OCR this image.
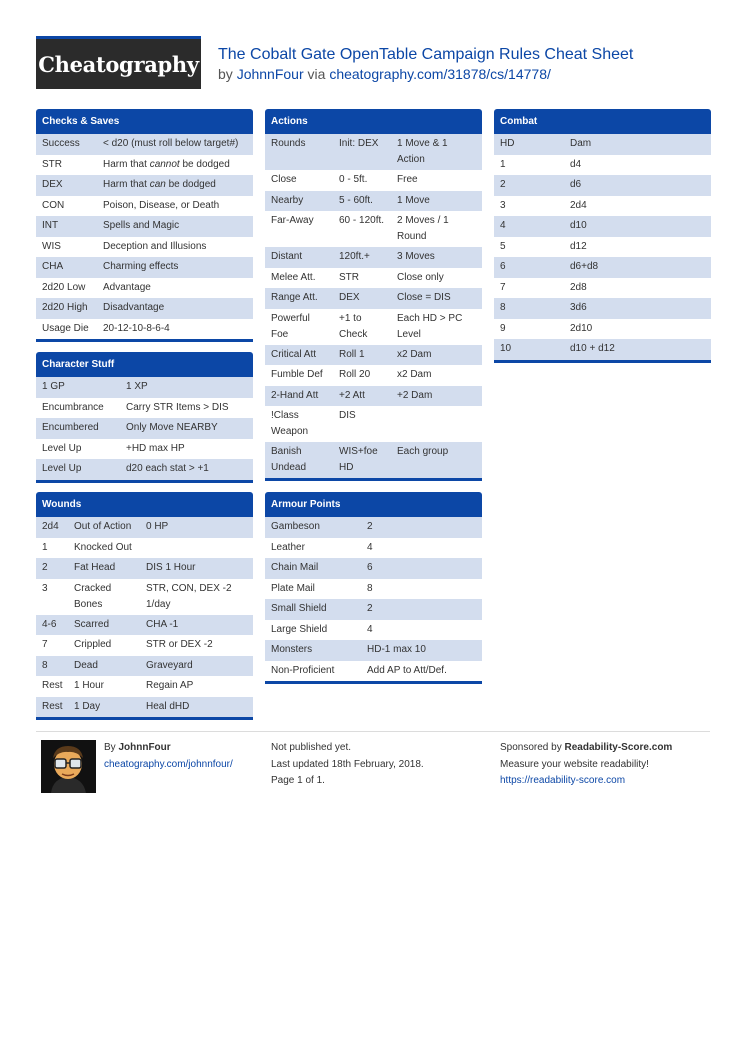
Cheatography The Cobalt Gate OpenTable Campaign Rules Cheat Sheet
by JohnnFour via cheatography.com/31878/cs/14778/
Checks & Saves
Success	< d20 (must roll below target#)
STR	Harm that cannot be dodged
DEX	Harm that can be dodged
CON	Poison, Disease, or Death
INT	Spells and Magic
WIS	Deception and Illusions
CHA	Charming effects
2d20 Low	Advantage
2d20 High	Disadvantage
Usage Die	20-12-10-8-6-4
Character Stuff
1 GP	1 XP
Encumbrance	Carry STR Items > DIS
Encumbered	Only Move NEARBY
Level Up	+HD max HP
Level Up	d20 each stat > +1
Wounds
2d4	Out of Action	0 HP
1	Knocked Out	
2	Fat Head	DIS 1 Hour
3	Cracked Bones	STR, CON, DEX -2 1/day
4-6	Scarred	CHA -1
7	Crippled	STR or DEX -2
8	Dead	Graveyard
Rest	1 Hour	Regain AP
Rest	1 Day	Heal dHD
Actions
Rounds	Init: DEX	1 Move & 1 Action
Close	0 - 5ft.	Free
Nearby	5 - 60ft.	1 Move
Far-Away	60 - 120ft.	2 Moves / 1 Round
Distant	120ft.+	3 Moves
Melee Att.	STR	Close only
Range Att.	DEX	Close = DIS
Powerful Foe	+1 to Check	Each HD > PC Level
Critical Att	Roll 1	x2 Dam
Fumble Def	Roll 20	x2 Dam
2-Hand Att	+2 Att	+2 Dam
!Class Weapon	DIS	
Banish Undead	WIS+foe HD	Each group
Armour Points
Gambeson	2
Leather	4
Chain Mail	6
Plate Mail	8
Small Shield	2
Large Shield	4
Monsters	HD-1 max 10
Non-Proficient	Add AP to Att/Def.
Combat
HD	Dam
1	d4
2	d6
3	2d4
4	d10
5	d12
6	d6+d8
7	2d8
8	3d6
9	2d10
10	d10 + d12
By JohnnFour
cheatography.com/johnnfour/
Not published yet.
Last updated 18th February, 2018.
Page 1 of 1.
Sponsored by Readability-Score.com
Measure your website readability!
https://readability-score.com
